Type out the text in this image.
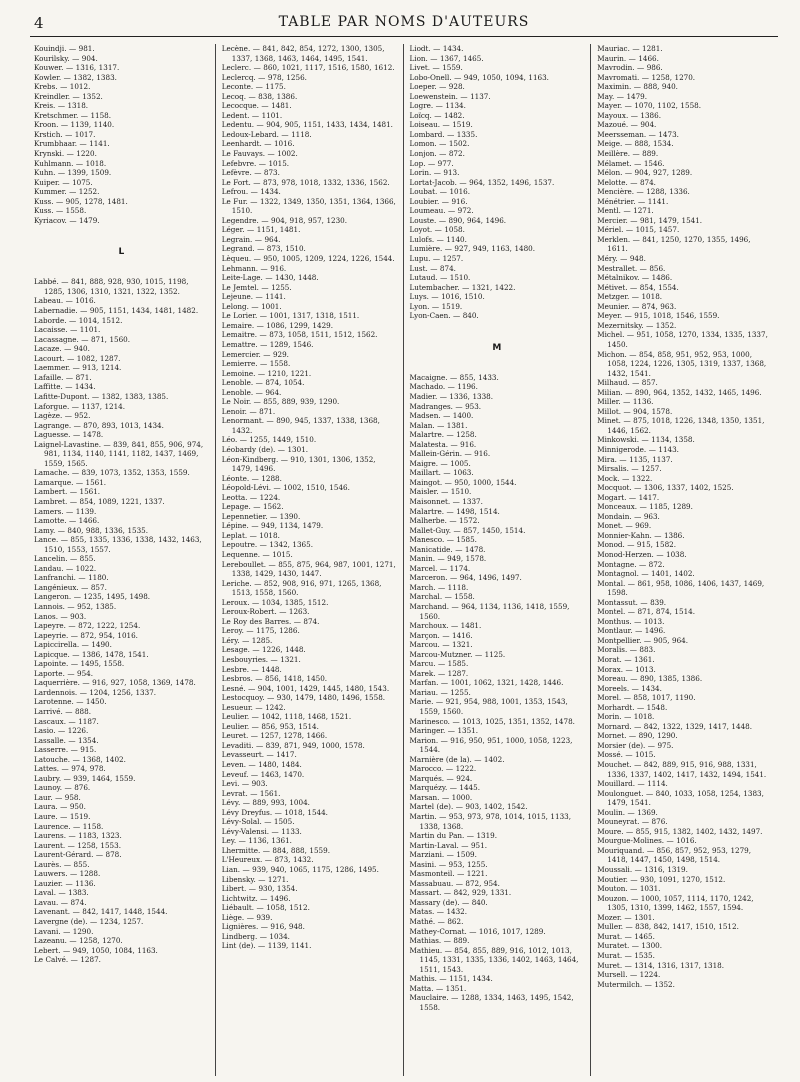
4	TABLE PAR NOMS D'AUTEURS
Kouindji. — 981.
Kourilsky. — 904.
Kouwer. — 1316, 1317.
Kowler. — 1382, 1383.
Krebs. — 1012.
Kreindler. — 1352.
Kreis. — 1318.
Kretschmer. — 1158.
Kroon. — 1139, 1140.
Krstich. — 1017.
Krumbhaar. — 1141.
Krynski. — 1220.
Kuhlmann. — 1018.
Kuhn. — 1399, 1509.
Kuiper. — 1075.
Kummer. — 1252.
Kuss. — 905, 1278, 1481.
Kuss. — 1558.
Kyriacov. — 1479.
L
Labbé. — 841, 888, 928, 930, 1015, 1198, 1285, 1306, 1310, 1321, 1322, 1352.
Labeau. — 1016.
Labernadie. — 905, 1151, 1434, 1481, 1482.
Laborde. — 1014, 1512.
Lacaisse. — 1101.
Lacassagne. — 871, 1560.
Lacaze. — 940.
Lacourt. — 1082, 1287.
Laemmer. — 913, 1214.
Lafaille. — 871.
Laffitte. — 1434.
Lafitte-Dupont. — 1382, 1383, 1385.
Laforgue. — 1137, 1214.
Lagèze. — 952.
Lagrange. — 870, 893, 1013, 1434.
Laguesse. — 1478.
Laignel-Lavastine. — 839, 841, 855, 906, 974, 981, 1134, 1140, 1141, 1182, 1437, 1469, 1559, 1565.
Lamache. — 839, 1073, 1352, 1353, 1559.
Lamarque. — 1561.
Lambert. — 1561.
Lambret. — 854, 1089, 1221, 1337.
Lamers. — 1139.
Lamotte. — 1466.
Lamy. — 840, 988, 1336, 1535.
Lance. — 855, 1335, 1336, 1338, 1432, 1463, 1510, 1553, 1557.
Lancelin. — 855.
Landau. — 1022.
Lanfranchi. — 1180.
Langénieux. — 857.
Langeron. — 1235, 1495, 1498.
Lannois. — 952, 1385.
Lanos. — 903.
Lapeyre. — 872, 1222, 1254.
Lapeyrie. — 872, 954, 1016.
Lapiccirella. — 1490.
Lapicque. — 1386, 1478, 1541.
Lapointe. — 1495, 1558.
Laporte. — 954.
Laquerrière. — 916, 927, 1058, 1369, 1478.
Lardennois. — 1204, 1256, 1337.
Larotenne. — 1450.
Larrivé. — 888.
Lascaux. — 1187.
Lasio. — 1226.
Lassalle. — 1354.
Lasserre. — 915.
Latouche. — 1368, 1402.
Lattes. — 974, 978.
Laubry. — 939, 1464, 1559.
Launoy. — 876.
Laur. — 958.
Laura. — 950.
Laure. — 1519.
Laurence. — 1158.
Laurens. — 1183, 1323.
Laurent. — 1258, 1553.
Laurent-Gérard. — 878.
Laurès. — 855.
Lauwers. — 1288.
Lauzier. — 1136.
Laval. — 1383.
Lavau. — 874.
Lavenant. — 842, 1417, 1448, 1544.
Lavergne (de). — 1234, 1257.
Lavani. — 1290.
Lazeanu. — 1258, 1270.
Lebert. — 949, 1050, 1084, 1163.
Le Calvé. — 1287.
Lecène. — 841, 842, 854, 1272, 1300, 1305, 1337, 1368, 1463, 1464, 1495, 1541.
Leclerc. — 860, 1021, 1117, 1516, 1580, 1612.
Leclercq. — 978, 1256.
Leconte. — 1175.
Lecoq. — 838, 1386.
Lecocque. — 1481.
Ledent. — 1101.
Ledentu. — 904, 905, 1151, 1433, 1434, 1481.
Ledoux-Lebard. — 1118.
Leenhardt. — 1016.
Le Fauvays. — 1002.
Lefebvre. — 1015.
Lefèvre. — 873.
Le Fort. — 873, 978, 1018, 1332, 1336, 1562.
Lefrou. — 1434.
Le Fur. — 1322, 1349, 1350, 1351, 1364, 1366, 1510.
Legendre. — 904, 918, 957, 1230.
Léger. — 1151, 1481.
Legrain. — 964.
Legrand. — 873, 1510.
Lèqueu. — 950, 1005, 1209, 1224, 1226, 1544.
Lehmann. — 916.
Leite-Lage. — 1430, 1448.
Le Jemtel. — 1255.
Lejeune. — 1141.
Lelong. — 1001.
Le Lorier. — 1001, 1317, 1318, 1511.
Lemaire. — 1086, 1299, 1429.
Lemaitre. — 873, 1058, 1511, 1512, 1562.
Lemattre. — 1289, 1546.
Lemercier. — 929.
Lemierre. — 1558.
Lemoine. — 1210, 1221.
Lenoble. — 874, 1054.
Lenoble. — 964.
Le Noir. — 855, 889, 939, 1290.
Lenoir. — 871.
Lenormant. — 890, 945, 1337, 1338, 1368, 1432.
Léo. — 1255, 1449, 1510.
Léobardy (de). — 1301.
Léon-Kindberg. — 910, 1301, 1306, 1352, 1479, 1496.
Léonte. — 1288.
Léopold-Lévi. — 1002, 1510, 1546.
Leotta. — 1224.
Lepage. — 1562.
Lepennetier. — 1390.
Lépine. — 949, 1134, 1479.
Leplat. — 1018.
Lepoutre. — 1342, 1365.
Lequenne. — 1015.
Lereboullet. — 855, 875, 964, 987, 1001, 1271, 1338, 1429, 1430, 1447.
Leriche. — 852, 908, 916, 971, 1265, 1368, 1513, 1558, 1560.
Leroux. — 1034, 1385, 1512.
Leroux-Robert. — 1263.
Le Roy des Barres. — 874.
Leroy. — 1175, 1286.
Léry. — 1285.
Lesage. — 1226, 1448.
Lesbouyries. — 1321.
Lesbre. — 1448.
Lesbros. — 856, 1418, 1450.
Lesné. — 904, 1001, 1429, 1445, 1480, 1543.
Lestocquoy. — 930, 1479, 1480, 1496, 1558.
Lesueur. — 1242.
Leulier. — 1042, 1118, 1468, 1521.
Leulier. — 856, 953, 1514.
Leuret. — 1257, 1278, 1466.
Levaditi. — 839, 871, 949, 1000, 1578.
Levasseurt. — 1417.
Leven. — 1480, 1484.
Leveuf. — 1463, 1470.
Levi. — 903.
Levrat. — 1561.
Lévy. — 889, 993, 1004.
Lévy Dreyfus. — 1018, 1544.
Lévy-Solal. — 1505.
Lévy-Valensi. — 1133.
Ley. — 1136, 1361.
Lhermitte. — 884, 888, 1559.
L'Heureux. — 873, 1432.
Lian. — 939, 940, 1065, 1175, 1286, 1495.
Libensky. — 1271.
Libert. — 930, 1354.
Lichtwitz. — 1496.
Liébault. — 1058, 1512.
Liège. — 939.
Lignières. — 916, 948.
Lindberg. — 1034.
Lint (de). — 1139, 1141.
Liodt. — 1434.
Lion. — 1367, 1465.
Livet. — 1559.
Lobo-Onell. — 949, 1050, 1094, 1163.
Loeper. — 928.
Loewenstein. — 1137.
Logre. — 1134.
Loïcq. — 1482.
Loiseau. — 1519.
Lombard. — 1335.
Lomon. — 1502.
Lonjon. — 872.
Lop. — 977.
Lorin. — 913.
Lortat-Jacob. — 964, 1352, 1496, 1537.
Loubat. — 1016.
Loubier. — 916.
Loumeau. — 972.
Louste. — 890, 964, 1496.
Loyot. — 1058.
Lulofs. — 1140.
Lumière. — 927, 949, 1163, 1480.
Lupu. — 1257.
Lust. — 874.
Lutaud. — 1510.
Lutembacher. — 1321, 1422.
Luys. — 1016, 1510.
Lyon. — 1519.
Lyon-Caen. — 840.
M
Macaigne. — 855, 1433.
Machado. — 1196.
Madier. — 1336, 1338.
Madranges. — 953.
Madsen. — 1400.
Malan. — 1381.
Malartre. — 1258.
Malatesta. — 916.
Mallein-Gérin. — 916.
Maigre. — 1005.
Maillart. — 1063.
Maingot. — 950, 1000, 1544.
Maisler. — 1510.
Maisonnet. — 1337.
Malartre. — 1498, 1514.
Malherbe. — 1572.
Mallet-Guy. — 857, 1450, 1514.
Manesco. — 1585.
Manicatide. — 1478.
Manin. — 949, 1578.
Marcel. — 1174.
Marceron. — 964, 1496, 1497.
March. — 1118.
Marchal. — 1558.
Marchand. — 964, 1134, 1136, 1418, 1559, 1560.
Marchoux. — 1481.
Marçon. — 1416.
Marcou. — 1321.
Marcou-Mutzner. — 1125.
Marcu. — 1585.
Marek. — 1287.
Marfan. — 1001, 1062, 1321, 1428, 1446.
Mariau. — 1255.
Marie. — 921, 954, 988, 1001, 1353, 1543, 1559, 1560.
Marinesco. — 1013, 1025, 1351, 1352, 1478.
Maringer. — 1351.
Marion. — 916, 950, 951, 1000, 1058, 1223, 1544.
Marnière (de la). — 1402.
Marocco. — 1222.
Marqués. — 924.
Marquézy. — 1445.
Marsan. — 1000.
Martel (de). — 903, 1402, 1542.
Martin. — 953, 973, 978, 1014, 1015, 1133, 1338, 1368.
Martin du Pan. — 1319.
Martin-Laval. — 951.
Marziani. — 1509.
Masini. — 953, 1255.
Masmonteil. — 1221.
Massabuau. — 872, 954.
Massart. — 842, 929, 1331.
Massary (de). — 840.
Matas. — 1432.
Mathé. — 862.
Mathey-Cornat. — 1016, 1017, 1289.
Mathias. — 889.
Mathieu. — 854, 855, 889, 916, 1012, 1013, 1145, 1331, 1335, 1336, 1402, 1463, 1464, 1511, 1543.
Mathis. — 1151, 1434.
Matta. — 1351.
Mauclaire. — 1288, 1334, 1463, 1495, 1542, 1558.
Mauriac. — 1281.
Maurin. — 1466.
Mavrodin. — 986.
Mavromati. — 1258, 1270.
Maximin. — 888, 940.
May. — 1479.
Mayer. — 1070, 1102, 1558.
Mayoux. — 1386.
Mazoué. — 904.
Meersseman. — 1473.
Meige. — 888, 1534.
Meillère. — 889.
Mélamet. — 1546.
Mélon. — 904, 927, 1289.
Melotte. — 874.
Mencière. — 1288, 1336.
Ménétrier. — 1141.
Mentl. — 1271.
Mercier. — 981, 1479, 1541.
Mériel. — 1015, 1457.
Merklen. — 841, 1250, 1270, 1355, 1496, 1611.
Méry. — 948.
Mestrallet. — 856.
Métalnikov. — 1486.
Métivet. — 854, 1554.
Metzger. — 1018.
Meunier. — 874, 963.
Meyer. — 915, 1018, 1546, 1559.
Mezernitsky. — 1352.
Michel. — 951, 1058, 1270, 1334, 1335, 1337, 1450.
Michon. — 854, 858, 951, 952, 953, 1000, 1058, 1224, 1226, 1305, 1319, 1337, 1368, 1432, 1541.
Milhaud. — 857.
Milian. — 890, 964, 1352, 1432, 1465, 1496.
Miller. — 1136.
Millot. — 904, 1578.
Minet. — 875, 1018, 1226, 1348, 1350, 1351, 1446, 1562.
Minkowski. — 1134, 1358.
Minnigerode. — 1143.
Mira. — 1135, 1137.
Mirsalis. — 1257.
Mock. — 1322.
Mocquot. — 1306, 1337, 1402, 1525.
Mogart. — 1417.
Monceaux. — 1185, 1289.
Mondain. — 963.
Monet. — 969.
Monnier-Kahn. — 1386.
Monod. — 915, 1582.
Monod-Herzen. — 1038.
Montagne. — 872.
Montagnol. — 1401, 1402.
Montal. — 861, 958, 1086, 1406, 1437, 1469, 1598.
Montassut. — 839.
Montel. — 871, 874, 1514.
Monthus. — 1013.
Montlaur. — 1496.
Montpellier. — 905, 964.
Moralis. — 883.
Morat. — 1361.
Morax. — 1013.
Moreau. — 890, 1385, 1386.
Moreels. — 1434.
Morel. — 858, 1017, 1190.
Morhardt. — 1548.
Morin. — 1018.
Mornard. — 842, 1322, 1329, 1417, 1448.
Mornet. — 890, 1290.
Morsier (de). — 975.
Mossé. — 1015.
Mouchet. — 842, 889, 915, 916, 988, 1331, 1336, 1337, 1402, 1417, 1432, 1494, 1541.
Mouillard. — 1114.
Moulonguet. — 840, 1033, 1058, 1254, 1383, 1479, 1541.
Moulin. — 1369.
Mouneyrat. — 876.
Moure. — 855, 915, 1382, 1402, 1432, 1497.
Mourgue-Molines. — 1016.
Mouriquand. — 856, 857, 952, 953, 1279, 1418, 1447, 1450, 1498, 1514.
Moussali. — 1316, 1319.
Moutier. — 930, 1091, 1270, 1512.
Mouton. — 1031.
Mouzon. — 1000, 1057, 1114, 1170, 1242, 1305, 1310, 1399, 1462, 1557, 1594.
Mozer. — 1301.
Muller. — 838, 842, 1417, 1510, 1512.
Murat. — 1465.
Muratet. — 1300.
Murat. — 1535.
Muret. — 1314, 1316, 1317, 1318.
Mursell. — 1224.
Mutermilch. — 1352.
